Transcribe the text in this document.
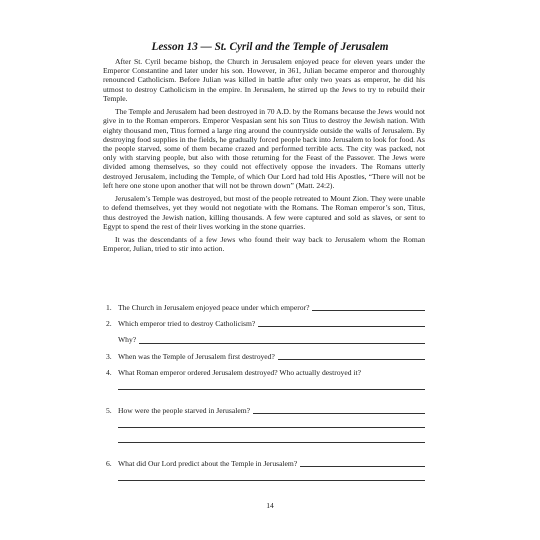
Lesson 13 — St. Cyril and the Temple of Jerusalem

After St. Cyril became bishop, the Church in Jerusalem enjoyed peace for eleven years under the Emperor Constantine and later under his son. However, in 361, Julian became emperor and thoroughly renounced Catholicism. Before Julian was killed in battle after only two years as emperor, he did his utmost to destroy Catholicism in the empire. In Jerusalem, he stirred up the Jews to try to rebuild their Temple.

The Temple and Jerusalem had been destroyed in 70 A.D. by the Romans because the Jews would not give in to the Roman emperors. Emperor Vespasian sent his son Titus to destroy the Jewish nation. With eighty thousand men, Titus formed a large ring around the countryside outside the walls of Jerusalem. By destroying food supplies in the fields, he gradually forced people back into Jerusalem to look for food. As the people starved, some of them became crazed and performed terrible acts. The city was packed, not only with starving people, but also with those returning for the Feast of the Passover. The Jews were divided among themselves, so they could not effectively oppose the invaders. The Romans utterly destroyed Jerusalem, including the Temple, of which Our Lord had told His Apostles, “There will not be left here one stone upon another that will not be thrown down” (Matt. 24:2).

Jerusalem’s Temple was destroyed, but most of the people retreated to Mount Zion. They were unable to defend themselves, yet they would not negotiate with the Romans. The Roman emperor’s son, Titus, thus destroyed the Jewish nation, killing thousands. A few were captured and sold as slaves, or sent to Egypt to spend the rest of their lives working in the stone quarries.

It was the descendants of a few Jews who found their way back to Jerusalem whom the Roman Emperor, Julian, tried to stir into action.

1. The Church in Jerusalem enjoyed peace under which emperor?
2. Which emperor tried to destroy Catholicism?
Why?
3. When was the Temple of Jerusalem first destroyed?
4. What Roman emperor ordered Jerusalem destroyed? Who actually destroyed it?
5. How were the people starved in Jerusalem?
6. What did Our Lord predict about the Temple in Jerusalem?
14
